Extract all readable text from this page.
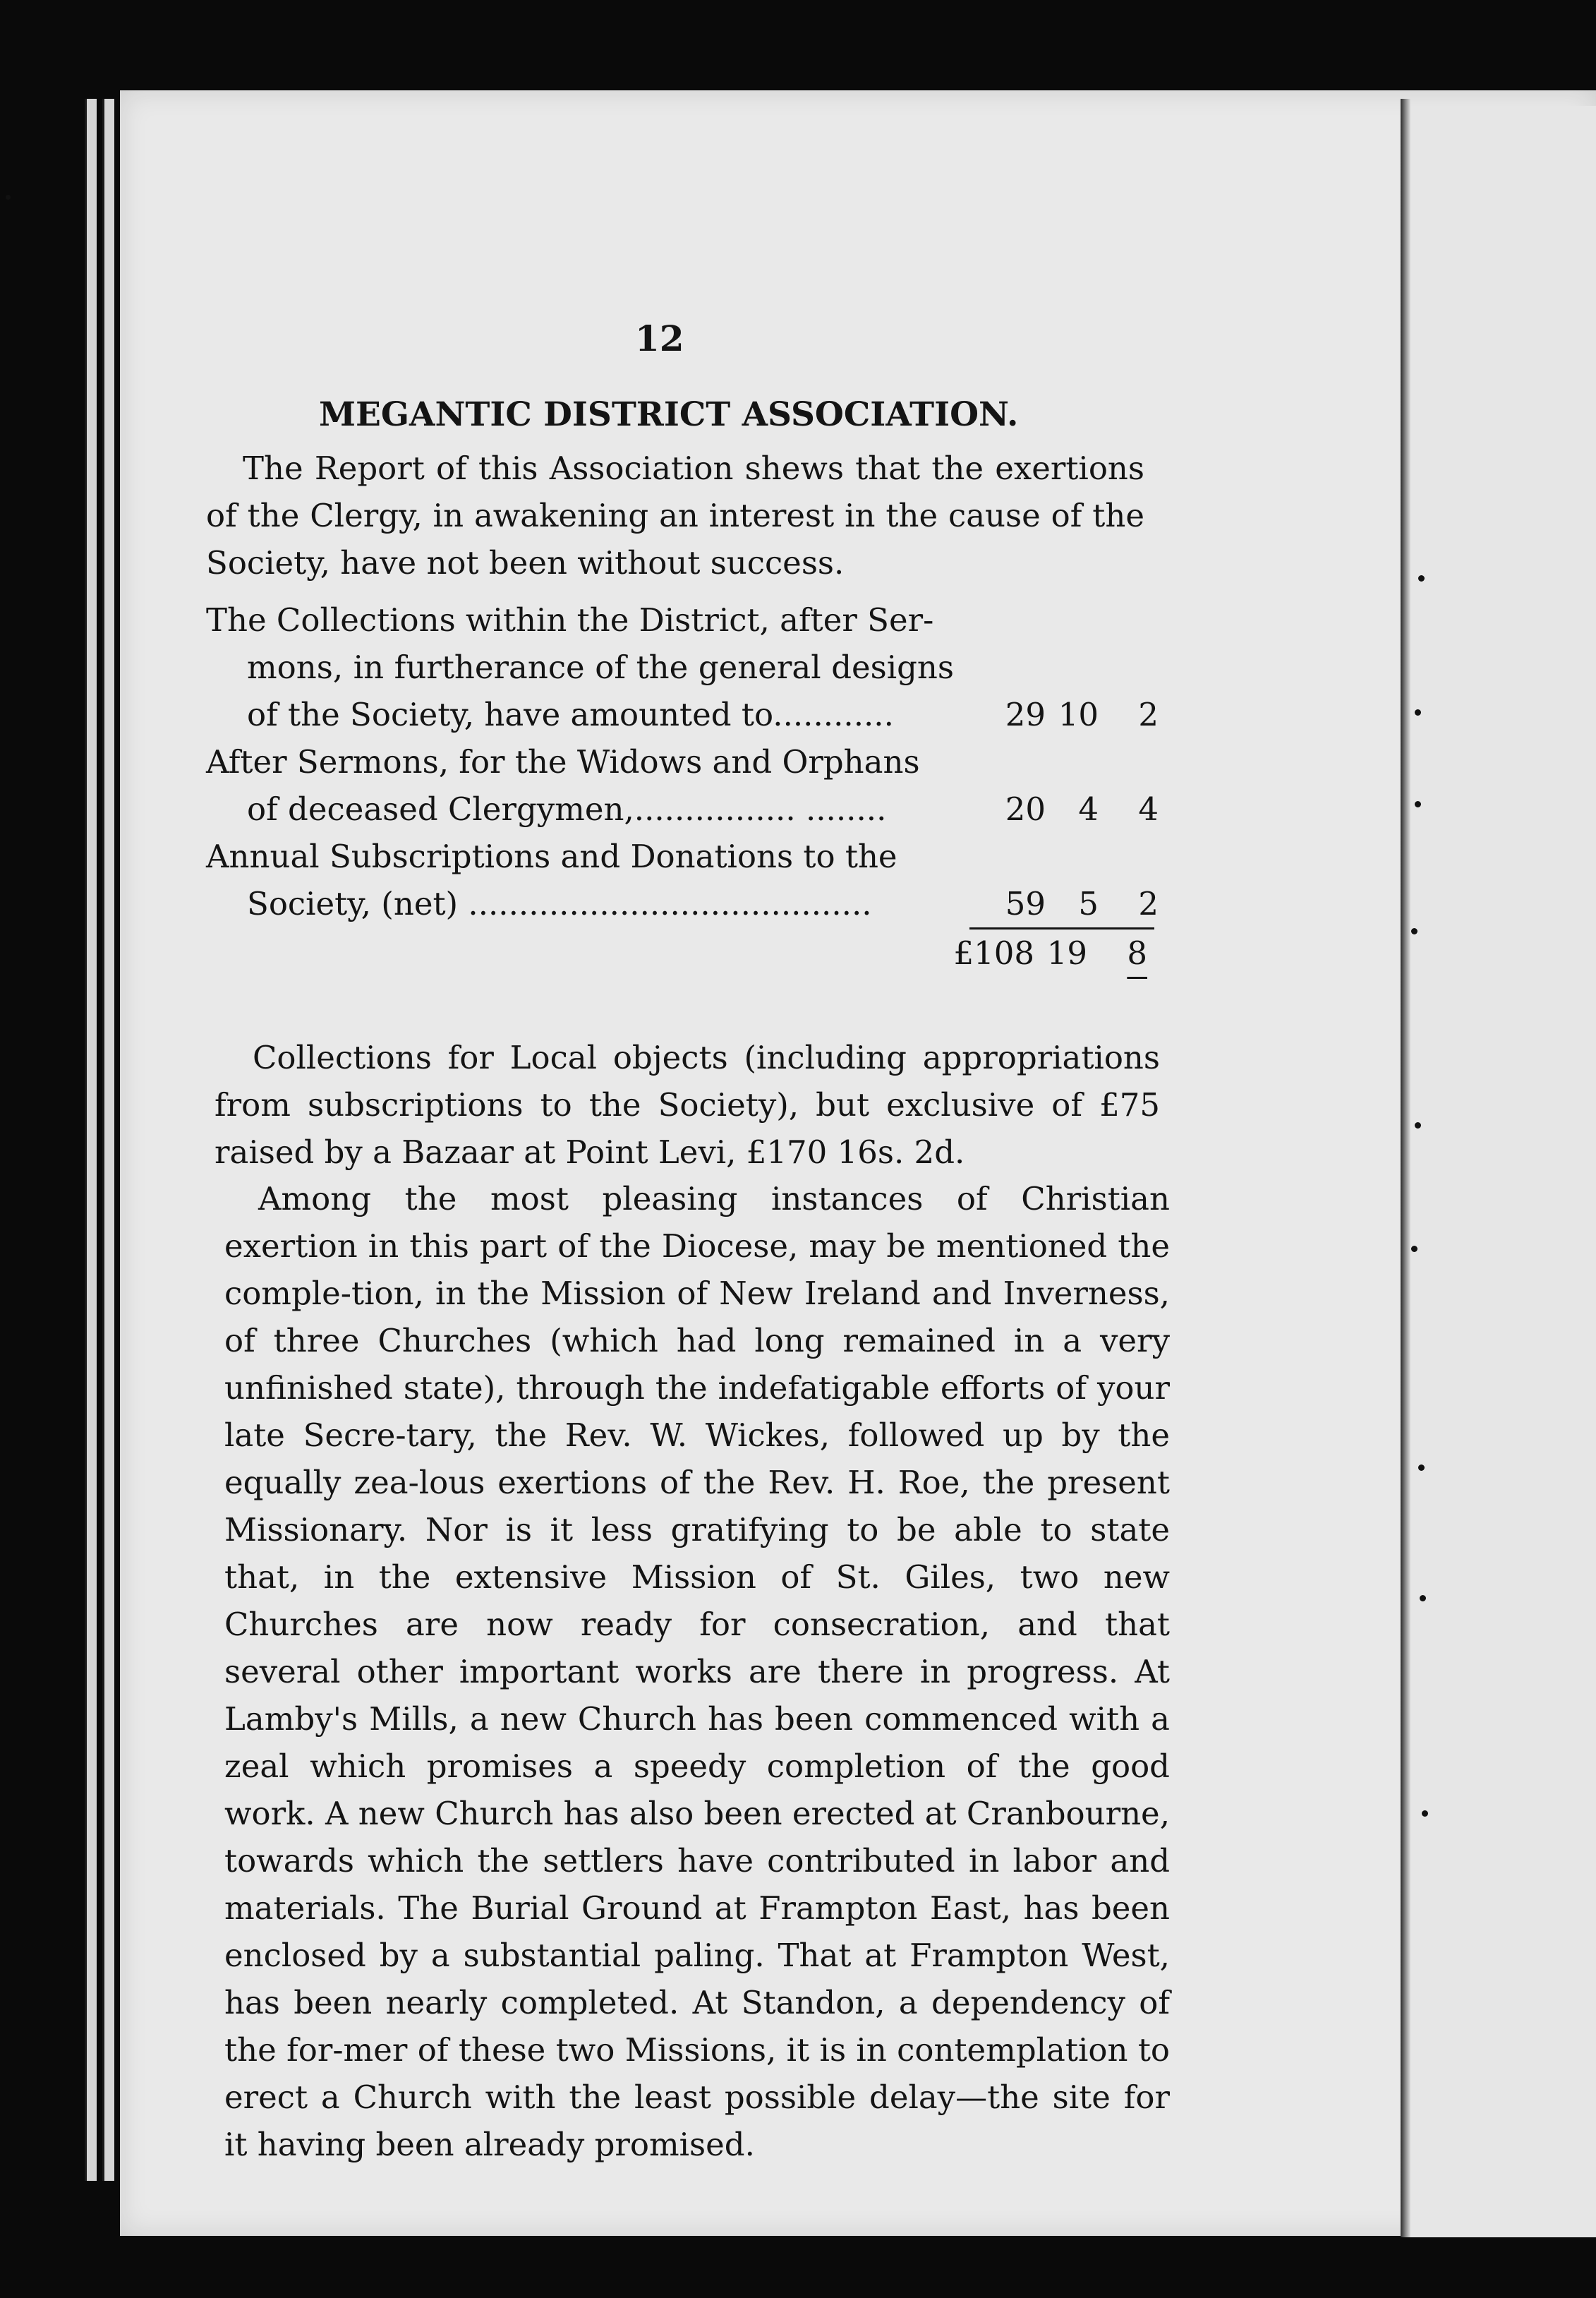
12
MEGANTIC DISTRICT ASSOCIATION.
The Report of this Association shews that the exertions of the Clergy, in awakening an interest in the cause of the Society, have not been without success.
The Collections within the District, after Ser-
mons, in furtherance of the general designs of the Society, have amounted to............	29 10	2
After Sermons, for the Widows and Orphans
of deceased Clergymen,................ ........	20	4	4
Annual Subscriptions and Donations to the
Society, (net) ........................................	59	5	2
£108 19	8
Collections for Local objects (including appropriations from subscriptions to the Society), but exclusive of £75 raised by a Bazaar at Point Levi, £170 16s. 2d.
Among the most pleasing instances of Christian exertion in this part of the Diocese, may be mentioned the comple-tion, in the Mission of New Ireland and Inverness, of three Churches (which had long remained in a very unfinished state), through the indefatigable efforts of your late Secre-tary, the Rev. W. Wickes, followed up by the equally zea-lous exertions of the Rev. H. Roe, the present Missionary. Nor is it less gratifying to be able to state that, in the extensive Mission of St. Giles, two new Churches are now ready for consecration, and that several other important works are there in progress. At Lamby's Mills, a new Church has been commenced with a zeal which promises a speedy completion of the good work. A new Church has also been erected at Cranbourne, towards which the settlers have contributed in labor and materials. The Burial Ground at Frampton East, has been enclosed by a substantial paling. That at Frampton West, has been nearly completed. At Standon, a dependency of the for-mer of these two Missions, it is in contemplation to erect a Church with the least possible delay—the site for it having been already promised.
